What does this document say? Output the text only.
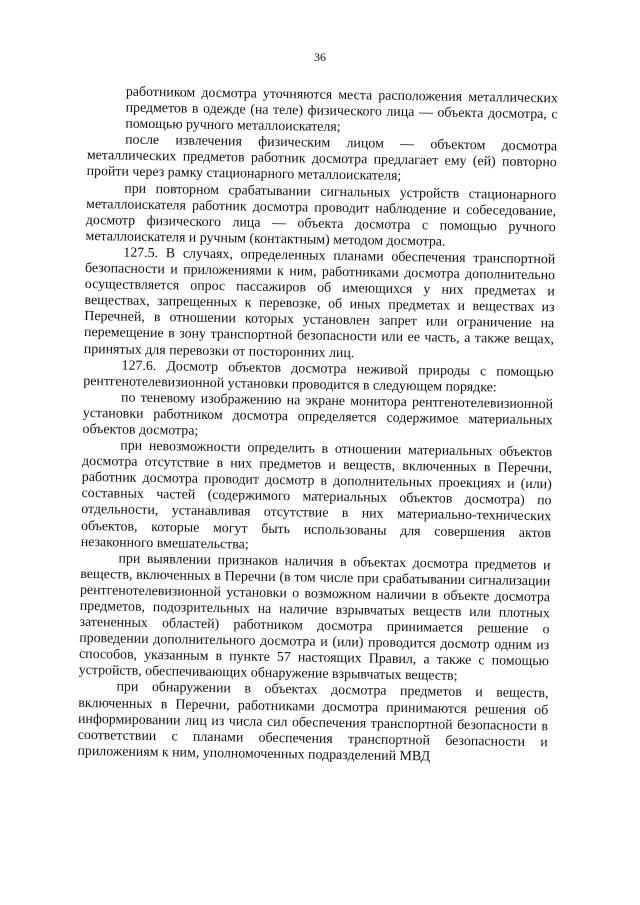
36

работником досмотра уточняются места расположения металлических предметов в одежде (на теле) физического лица — объекта досмотра, с помощью ручного металлоискателя;

после извлечения физическим лицом — объектом досмотра металлических предметов работник досмотра предлагает ему (ей) повторно пройти через рамку стационарного металлоискателя;

при повторном срабатывании сигнальных устройств стационарного металлоискателя работник досмотра проводит наблюдение и собеседование, досмотр физического лица — объекта досмотра с помощью ручного металлоискателя и ручным (контактным) методом досмотра.

127.5. В случаях, определенных планами обеспечения транспортной безопасности и приложениями к ним, работниками досмотра дополнительно осуществляется опрос пассажиров об имеющихся у них предметах и веществах, запрещенных к перевозке, об иных предметах и веществах из Перечней, в отношении которых установлен запрет или ограничение на перемещение в зону транспортной безопасности или ее часть, а также вещах, принятых для перевозки от посторонних лиц.

127.6. Досмотр объектов досмотра неживой природы с помощью рентгенотелевизионной установки проводится в следующем порядке:

по теневому изображению на экране монитора рентгенотелевизионной установки работником досмотра определяется содержимое материальных объектов досмотра;

при невозможности определить в отношении материальных объектов досмотра отсутствие в них предметов и веществ, включенных в Перечни, работник досмотра проводит досмотр в дополнительных проекциях и (или) составных частей (содержимого материальных объектов досмотра) по отдельности, устанавливая отсутствие в них материально-технических объектов, которые могут быть использованы для совершения актов незаконного вмешательства;

при выявлении признаков наличия в объектах досмотра предметов и веществ, включенных в Перечни (в том числе при срабатывании сигнализации рентгенотелевизионной установки о возможном наличии в объекте досмотра предметов, подозрительных на наличие взрывчатых веществ или плотных затененных областей) работником досмотра принимается решение о проведении дополнительного досмотра и (или) проводится досмотр одним из способов, указанным в пункте 57 настоящих Правил, а также с помощью устройств, обеспечивающих обнаружение взрывчатых веществ;

при обнаружении в объектах досмотра предметов и веществ, включенных в Перечни, работниками досмотра принимаются решения об информировании лиц из числа сил обеспечения транспортной безопасности в соответствии с планами обеспечения транспортной безопасности и приложениям к ним, уполномоченных подразделений МВД
